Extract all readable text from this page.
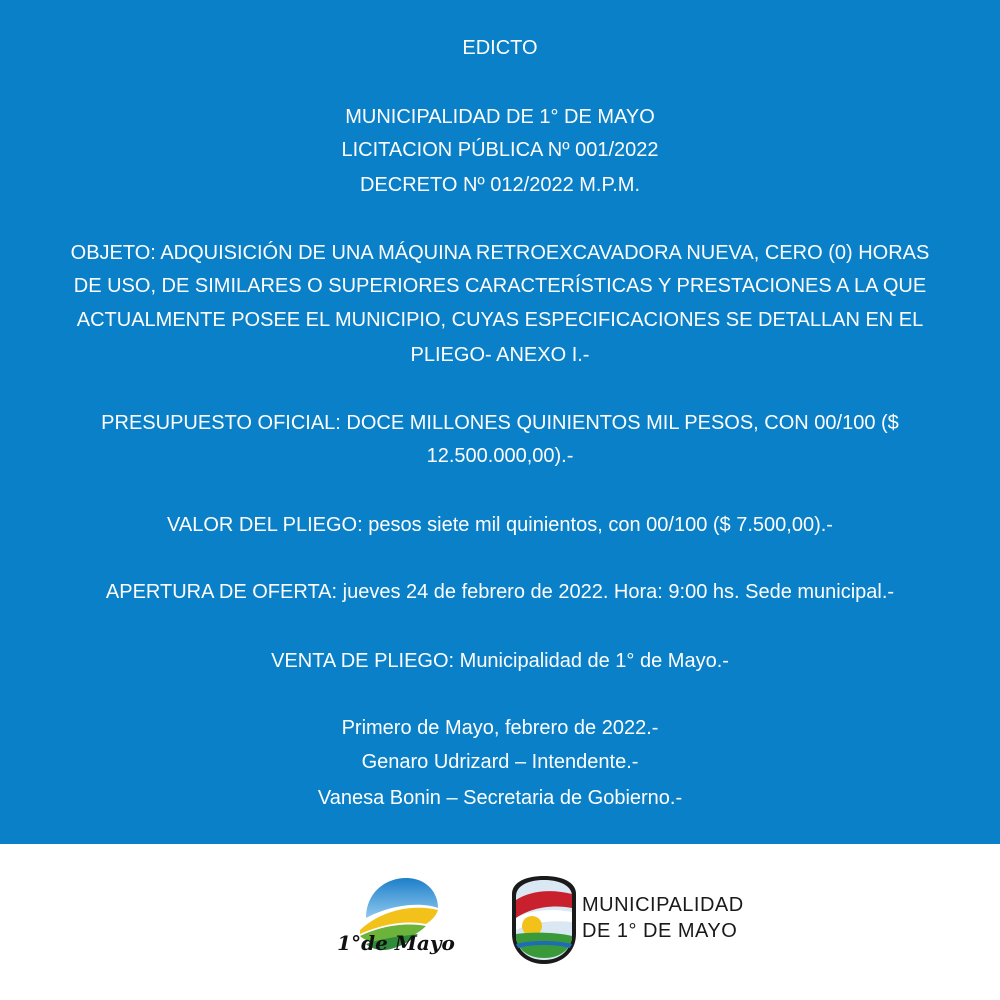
EDICTO
MUNICIPALIDAD DE 1° DE MAYO
LICITACION PÚBLICA Nº 001/2022
DECRETO Nº 012/2022 M.P.M.
OBJETO: ADQUISICIÓN DE UNA MÁQUINA RETROEXCAVADORA NUEVA, CERO (0) HORAS
DE USO, DE SIMILARES O SUPERIORES CARACTERÍSTICAS Y PRESTACIONES A LA QUE
ACTUALMENTE POSEE EL MUNICIPIO, CUYAS ESPECIFICACIONES SE DETALLAN EN EL
PLIEGO- ANEXO I.-
PRESUPUESTO OFICIAL: DOCE MILLONES QUINIENTOS MIL PESOS, CON 00/100 ($
12.500.000,00).-
VALOR DEL PLIEGO: pesos siete mil quinientos, con 00/100 ($ 7.500,00).-
APERTURA DE OFERTA: jueves 24 de febrero de 2022. Hora: 9:00 hs. Sede municipal.-
VENTA DE PLIEGO: Municipalidad de 1° de Mayo.-
Primero de Mayo, febrero de 2022.-
Genaro Udrizard – Intendente.-
Vanesa Bonin – Secretaria de Gobierno.-
1°de Mayo
MUNICIPALIDAD
DE 1° DE MAYO
